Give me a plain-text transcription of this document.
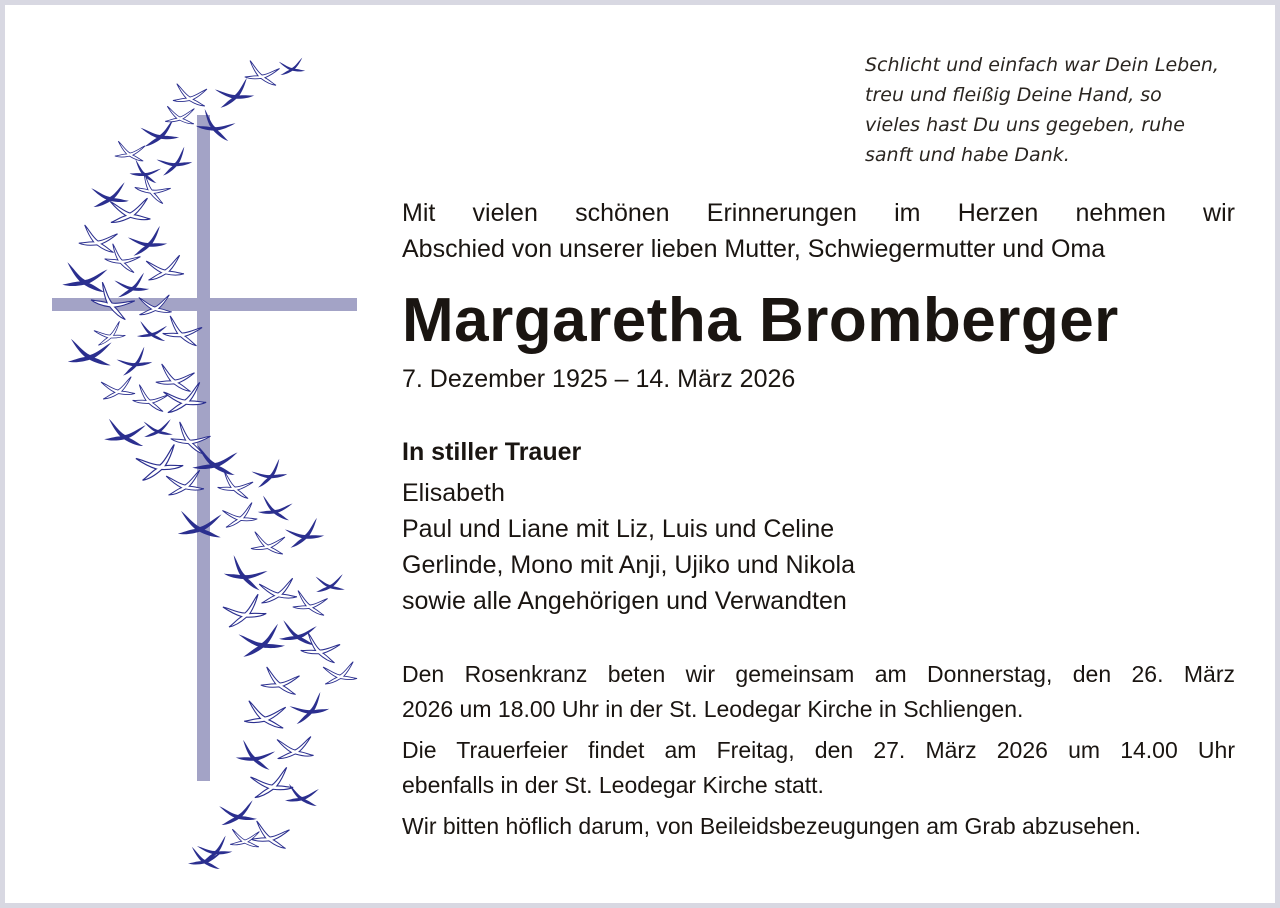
Schlicht und einfach war Dein Leben,
treu und fleißig Deine Hand, so
vieles hast Du uns gegeben, ruhe
sanft und habe Dank.
Mit vielen schönen Erinnerungen im Herzen nehmen wir
Abschied von unserer lieben Mutter, Schwiegermutter und Oma
Margaretha Bromberger
7. Dezember 1925 – 14. März 2026
In stiller Trauer
Elisabeth
Paul und Liane mit Liz, Luis und Celine
Gerlinde, Mono mit Anji, Ujiko und Nikola
sowie alle Angehörigen und Verwandten

Den Rosenkranz beten wir gemeinsam am Donnerstag, den 26. März
2026 um 18.00 Uhr in der St. Leodegar Kirche in Schliengen.

Die Trauerfeier findet am Freitag, den 27. März 2026 um 14.00 Uhr
ebenfalls in der St. Leodegar Kirche statt.

Wir bitten höflich darum, von Beileidsbezeugungen am Grab abzusehen.
